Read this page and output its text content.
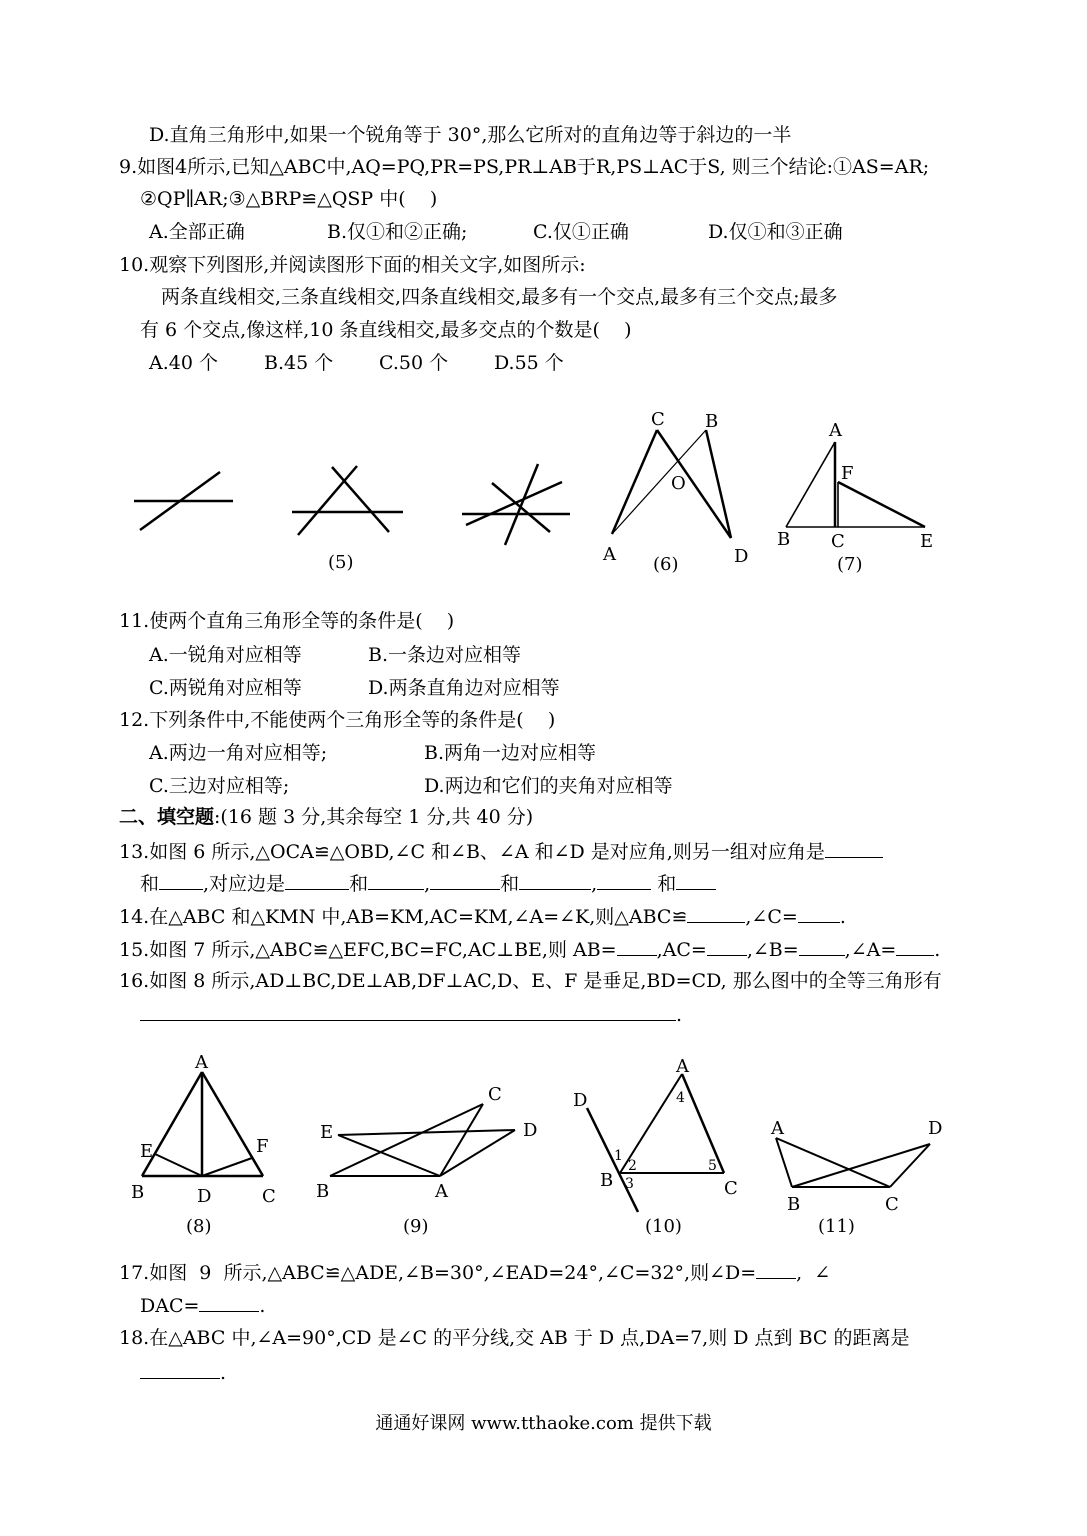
D.直角三角形中,如果一个锐角等于 30°,那么它所对的直角边等于斜边的一半
9.如图4所示,已知△ABC中,AQ=PQ,PR=PS,PR⊥AB于R,PS⊥AC于S, 则三个结论:①AS=AR;
②QP∥AR;③△BRP≌△QSP 中(    )
A.全部正确	B.仅①和②正确;	C.仅①正确	D.仅①和③正确
10.观察下列图形,并阅读图形下面的相关文字,如图所示:
两条直线相交,三条直线相交,四条直线相交,最多有一个交点,最多有三个交点;最多
有 6 个交点,像这样,10 条直线相交,最多交点的个数是(    )
A.40 个 B.45 个 C.50 个 D.55 个
(5)
C B
O
A	D
(6)
A
F
B C	E
(7)
11.使两个直角三角形全等的条件是(    )
A.一锐角对应相等	B.一条边对应相等
C.两锐角对应相等	D.两条直角边对应相等
12.下列条件中,不能使两个三角形全等的条件是(    )
A.两边一角对应相等;	B.两角一边对应相等
C.三边对应相等;	D.两边和它们的夹角对应相等
二、填空题:(16 题 3 分,其余每空 1 分,共 40 分)
13.如图 6 所示,△OCA≌△OBD,∠C 和∠B、∠A 和∠D 是对应角,则另一组对应角是
和 ,对应边是	和	,	和	,	和
14.在△ABC 和△KMN 中,AB=KM,AC=KM,∠A=∠K,则△ABC≌	,∠C= .
15.如图 7 所示,△ABC≌△EFC,BC=FC,AC⊥BE,则 AB= ,AC= ,∠B= ,∠A= .
16.如图 8 所示,AD⊥BC,DE⊥AB,DF⊥AC,D、E、F 是垂足,BD=CD, 那么图中的全等三角形有
.
A
E	F
B	D	C
(8)
C
E	D
B	A
(9)
D
A
4
1
2	5
B 3	C
(10)
A	D
B	C
(11)
17.如图  9  所示,△ABC≌△ADE,∠B=30°,∠EAD=24°,∠C=32°,则∠D= ,  ∠
DAC=	.
18.在△ABC 中,∠A=90°,CD 是∠C 的平分线,交 AB 于 D 点,DA=7,则 D 点到 BC 的距离是
.
通通好课网 www.tthaoke.com 提供下载
